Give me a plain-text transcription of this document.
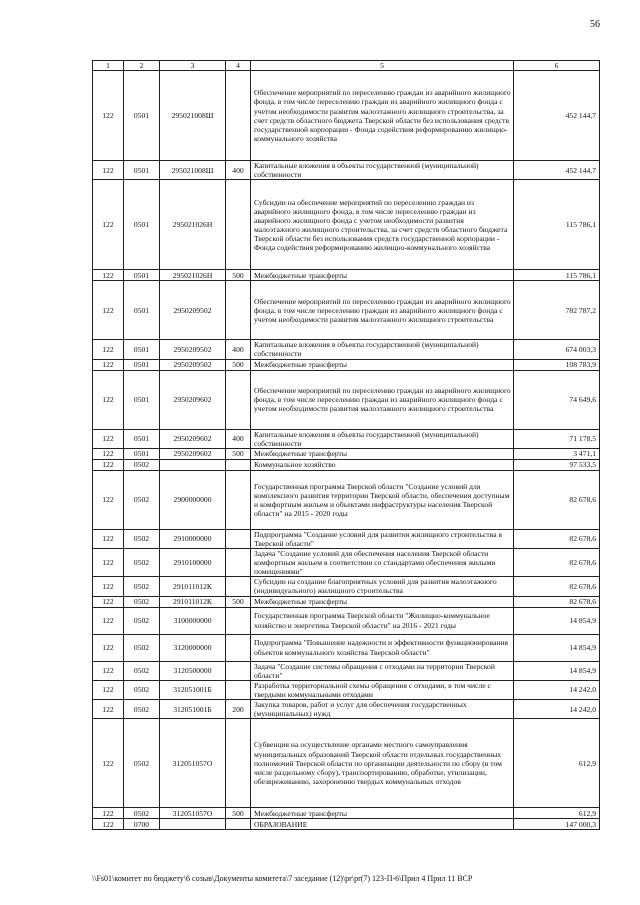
56
1	2	3	4	5	6
122	0501	295021008Ш		Обеспечение мероприятий по переселению граждан из аварийного жилищного фонда, в том числе переселению граждан из аварийного жилищного фонда с учетом необходимости развития малоэтажного жилищного строительства, за счет средств областного бюджета Тверской области без использования средств государственной корпорации - Фонда содействия реформированию жилищно-коммунального хозяйства	452 144,7
122	0501	295021008Ш	400	Капитальные вложения в объекты государственной (муниципальной) собственности	452 144,7
122	0501	295021026Н		Субсидии на обеспечение мероприятий по переселению граждан из аварийного жилищного фонда, в том числе переселению граждан из аварийного жилищного фонда с учетом необходимости развития малоэтажного жилищного строительства, за счет средств областного бюджета Тверской области без использования средств государственной корпорации - Фонда содействия реформированию жилищно-коммунального хозяйства	115 786,1
122	0501	295021026Н	500	Межбюджетные трансферты	115 786,1
122	0501	2950209502		Обеспечение мероприятий по переселению граждан из аварийного жилищного фонда, в том числе переселению граждан из аварийного жилищного фонда с учетом необходимости развития малоэтажного жилищного строительства	782 787,2
122	0501	2950209502	400	Капитальные вложения в объекты государственной (муниципальной) собственности	674 003,3
122	0501	2950209502	500	Межбюджетные трансферты	108 783,9
122	0501	2950209602		Обеспечение мероприятий по переселению граждан из аварийного жилищного фонда, в том числе переселению граждан из аварийного жилищного фонда с учетом необходимости развития малоэтажного жилищного строительства	74 649,6
122	0501	2950209602	400	Капитальные вложения в объекты государственной (муниципальной) собственности	71 178,5
122	0501	2950209602	500	Межбюджетные трансферты	3 471,1
122	0502			Коммунальное хозяйство	97 533,5
122	0502	2900000000		Государственная программа Тверской области "Создание условий для комплексного развития территории Тверской области, обеспечения доступным и комфортным жильем и объектами инфраструктуры населения Тверской области" на 2015 - 2020 годы	82 678,6
122	0502	2910000000		Подпрограмма "Создание условий для развития жилищного строительства в Тверской области"	82 678,6
122	0502	2910100000		Задача "Создание условий для обеспечения населения Тверской области комфортным жильем в соответствии со стандартами обеспечения жилыми помещениями"	82 678,6
122	0502	291011012К		Субсидии на создание благоприятных условий для развития малоэтажного (индивидуального) жилищного строительства	82 678,6
122	0502	291011012К	500	Межбюджетные трансферты	82 678,6
122	0502	3100000000		Государственная программа Тверской области "Жилищно-коммунальное хозяйство и энергетика Тверской области" на 2016 - 2021 годы	14 854,9
122	0502	3120000000		Подпрограмма "Повышение надежности и эффективности функционирования объектов коммунального хозяйства Тверской области"	14 854,9
122	0502	3120500000		Задача "Создание системы обращения с отходами на территории Тверской области"	14 854,9
122	0502	312051001Б		Разработка территориальной схемы обращения с отходами, в том числе с твердыми коммунальными отходами	14 242,0
122	0502	312051001Б	200	Закупка товаров, работ и услуг для обеспечения государственных (муниципальных) нужд	14 242,0
122	0502	312051057О		Субвенция на осуществление органами местного самоуправления муниципальных образований Тверской области отдельных государственных полномочий Тверской области по организации деятельности по сбору (в том числе раздельному сбору), транспортированию, обработке, утилизации, обезвреживанию, захоронению твердых коммунальных отходов	612,9
122	0502	312051057О	500	Межбюджетные трансферты	612,9
122	0700			ОБРАЗОВАНИЕ	147 000,3
\\Fs01\комитет по бюджету\6 созыв\Документы комитета\7 заседание (12)\pr\pr(7) 123-П-6\Прил 4 Прил 11 ВСР
